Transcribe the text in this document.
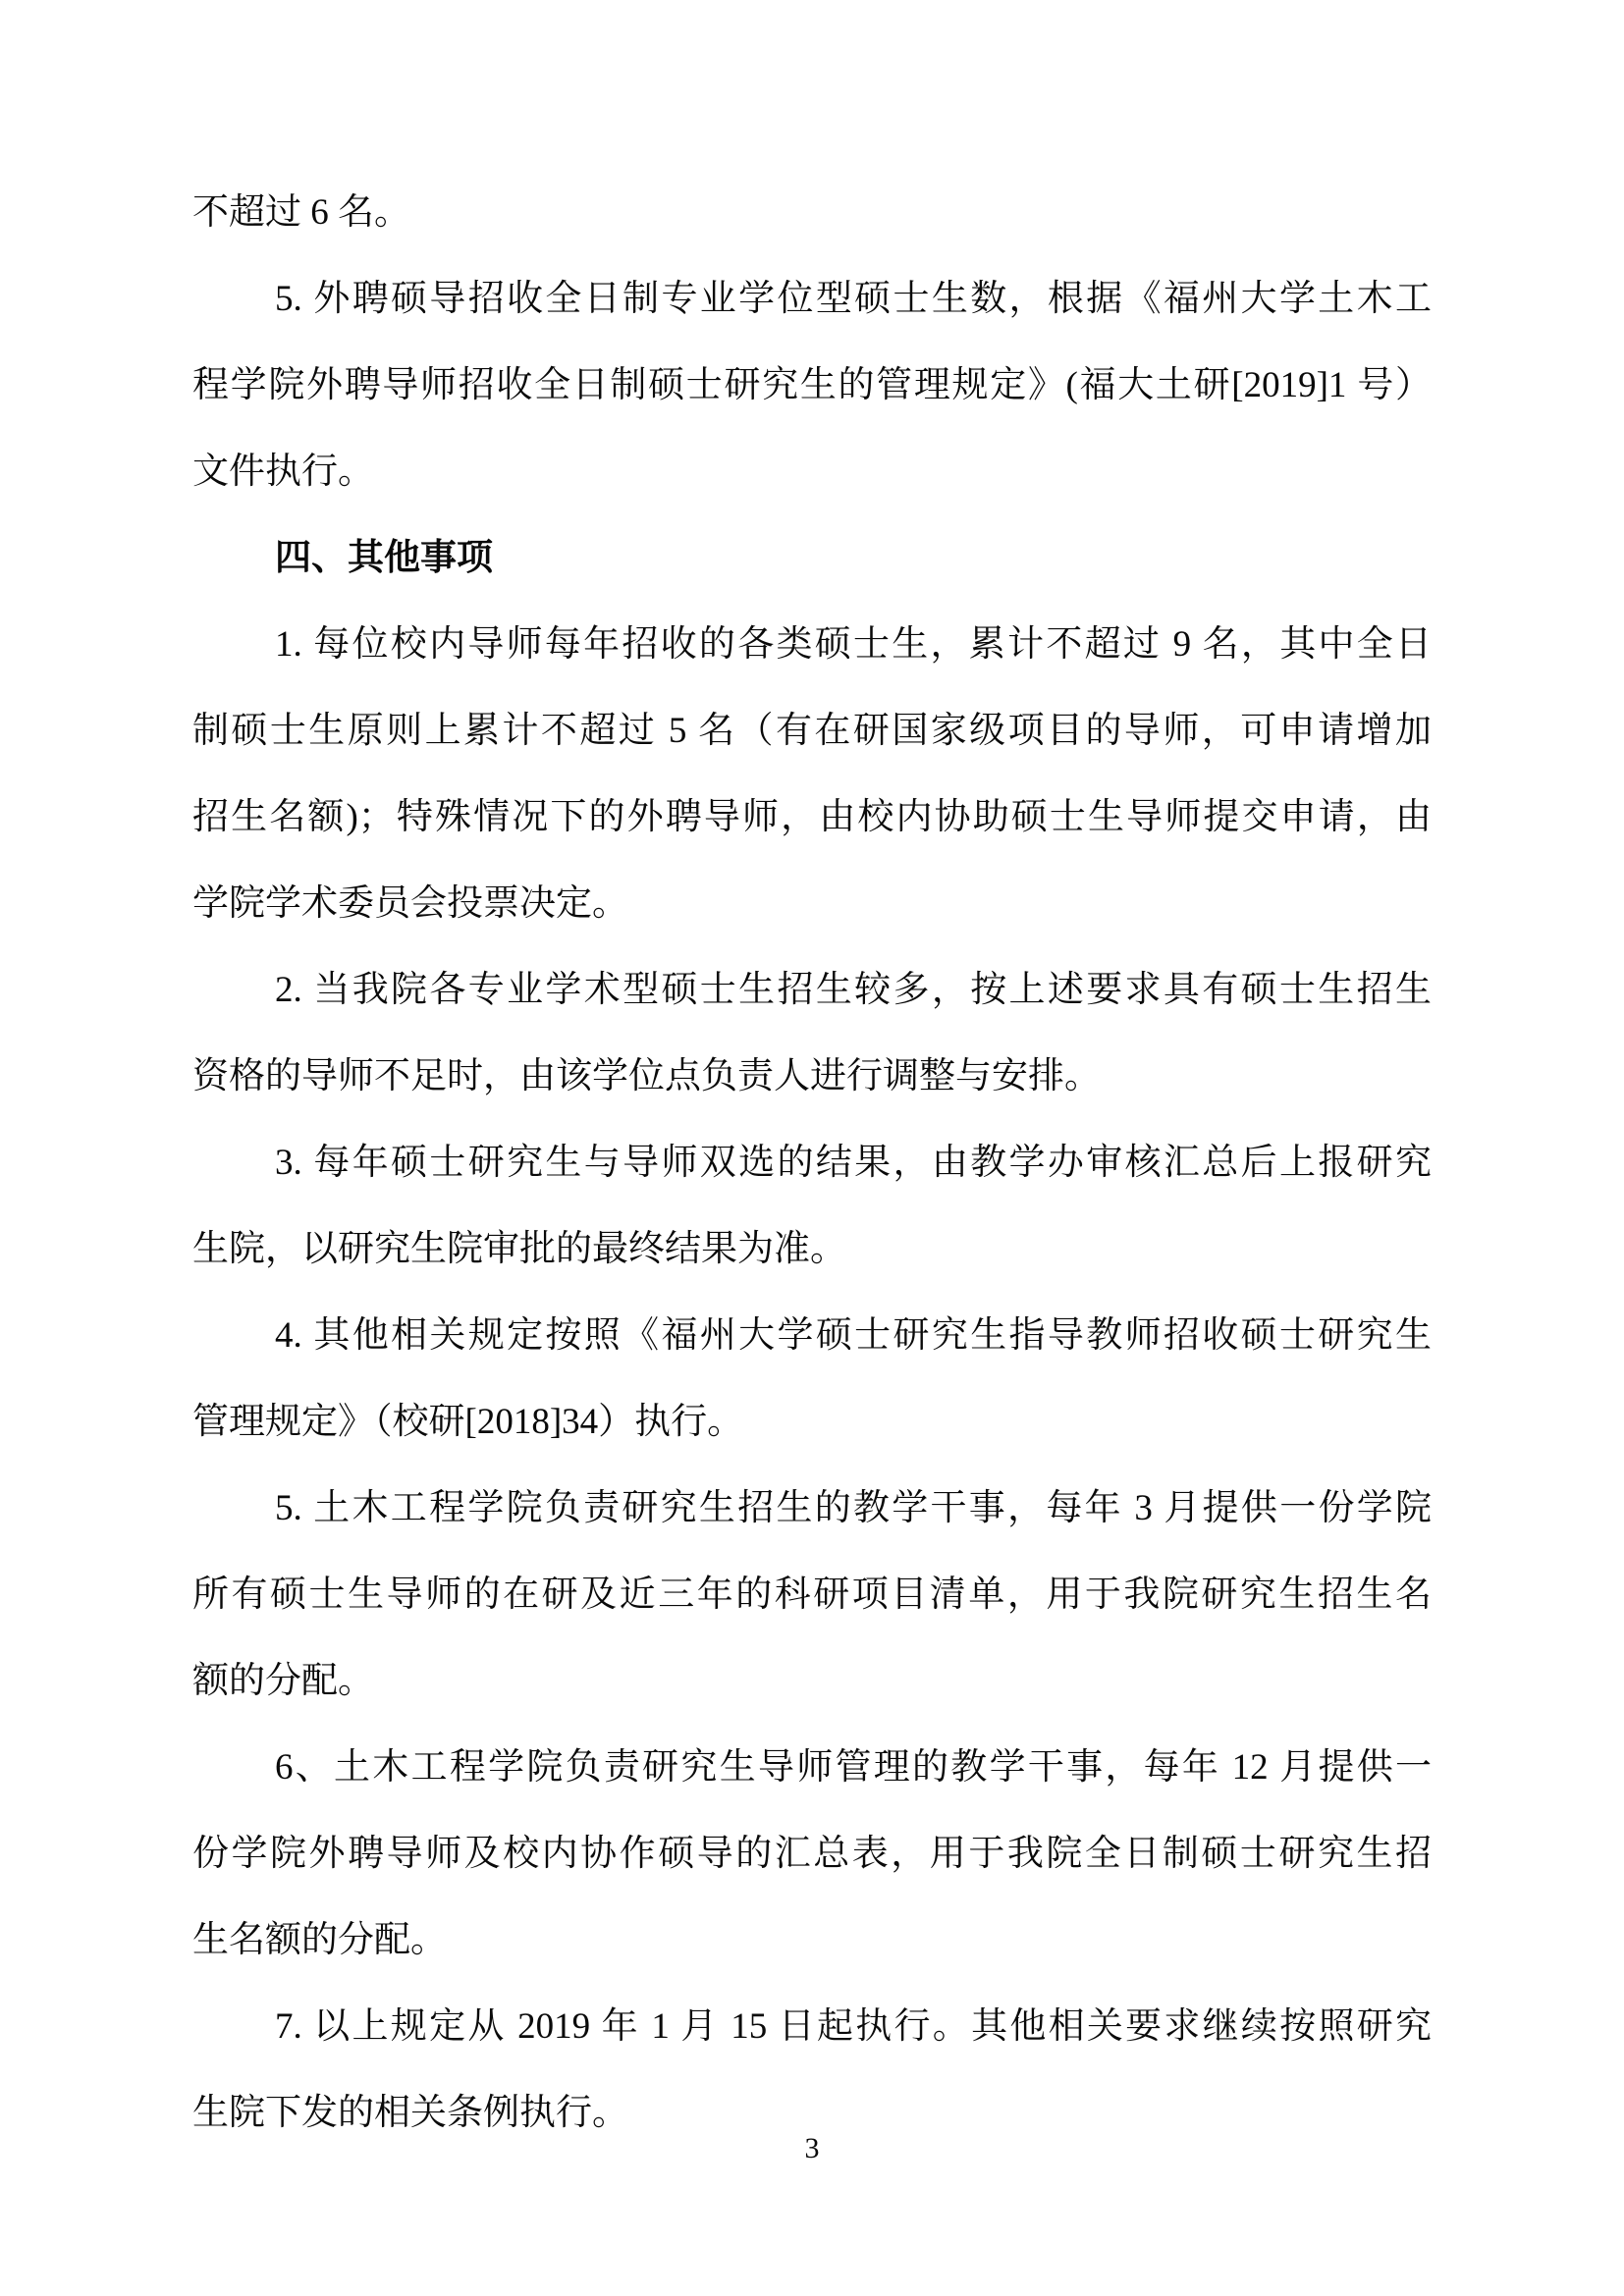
不超过 6 名。
5. 外聘硕导招收全日制专业学位型硕士生数，根据《福州大学土木工
程学院外聘导师招收全日制硕士研究生的管理规定》(福大土研[2019]1 号）
文件执行。
四、其他事项
1. 每位校内导师每年招收的各类硕士生，累计不超过 9 名，其中全日
制硕士生原则上累计不超过 5 名（有在研国家级项目的导师，可申请增加
招生名额)；特殊情况下的外聘导师，由校内协助硕士生导师提交申请，由
学院学术委员会投票决定。
2. 当我院各专业学术型硕士生招生较多，按上述要求具有硕士生招生
资格的导师不足时，由该学位点负责人进行调整与安排。
3. 每年硕士研究生与导师双选的结果，由教学办审核汇总后上报研究
生院，以研究生院审批的最终结果为准。
4. 其他相关规定按照《福州大学硕士研究生指导教师招收硕士研究生
管理规定》（校研[2018]34）执行。
5. 土木工程学院负责研究生招生的教学干事，每年 3 月提供一份学院
所有硕士生导师的在研及近三年的科研项目清单，用于我院研究生招生名
额的分配。
6、土木工程学院负责研究生导师管理的教学干事，每年 12 月提供一
份学院外聘导师及校内协作硕导的汇总表，用于我院全日制硕士研究生招
生名额的分配。
7. 以上规定从 2019 年 1 月 15 日起执行。其他相关要求继续按照研究
生院下发的相关条例执行。
3
